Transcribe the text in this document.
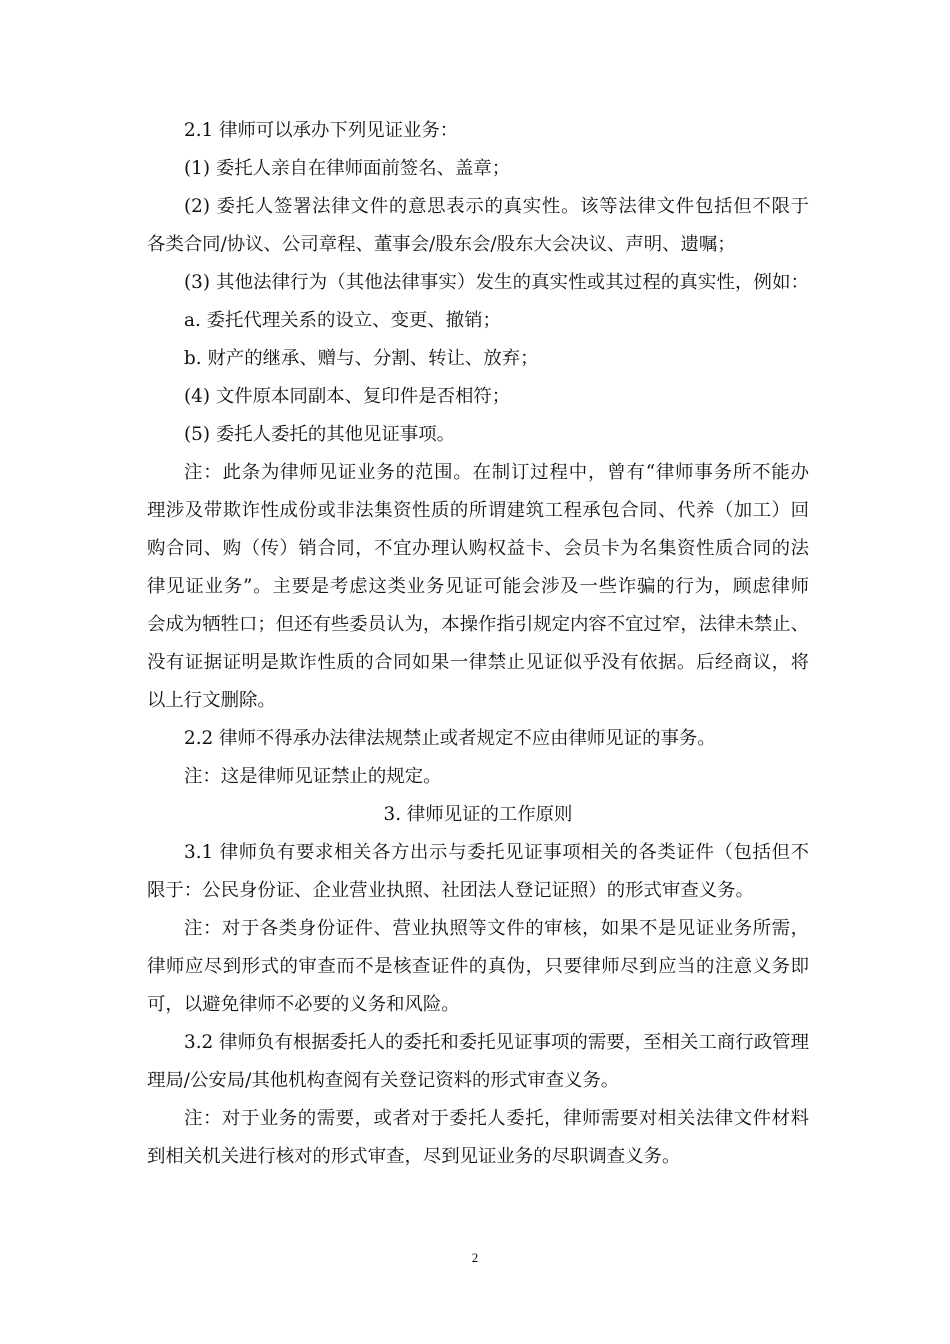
2.1 律师可以承办下列见证业务：
(1) 委托人亲自在律师面前签名、盖章；
(2) 委托人签署法律文件的意思表示的真实性。该等法律文件包括但不限于
各类合同/协议、公司章程、董事会/股东会/股东大会决议、声明、遗嘱；
(3) 其他法律行为（其他法律事实）发生的真实性或其过程的真实性，例如：
a. 委托代理关系的设立、变更、撤销；
b. 财产的继承、赠与、分割、转让、放弃；
(4) 文件原本同副本、复印件是否相符；
(5) 委托人委托的其他见证事项。
注：此条为律师见证业务的范围。在制订过程中，曾有“律师事务所不能办
理涉及带欺诈性成份或非法集资性质的所谓建筑工程承包合同、代养（加工）回
购合同、购（传）销合同，不宜办理认购权益卡、会员卡为名集资性质合同的法
律见证业务”。主要是考虑这类业务见证可能会涉及一些诈骗的行为，顾虑律师
会成为牺牲口；但还有些委员认为，本操作指引规定内容不宜过窄，法律未禁止、
没有证据证明是欺诈性质的合同如果一律禁止见证似乎没有依据。后经商议，将
以上行文删除。
2.2 律师不得承办法律法规禁止或者规定不应由律师见证的事务。
注：这是律师见证禁止的规定。
3. 律师见证的工作原则
3.1 律师负有要求相关各方出示与委托见证事项相关的各类证件（包括但不
限于：公民身份证、企业营业执照、社团法人登记证照）的形式审查义务。
注：对于各类身份证件、营业执照等文件的审核，如果不是见证业务所需，
律师应尽到形式的审查而不是核查证件的真伪，只要律师尽到应当的注意义务即
可，以避免律师不必要的义务和风险。
3.2 律师负有根据委托人的委托和委托见证事项的需要，至相关工商行政管理
理局/公安局/其他机构查阅有关登记资料的形式审查义务。
注：对于业务的需要，或者对于委托人委托，律师需要对相关法律文件材料
到相关机关进行核对的形式审查，尽到见证业务的尽职调查义务。
2
